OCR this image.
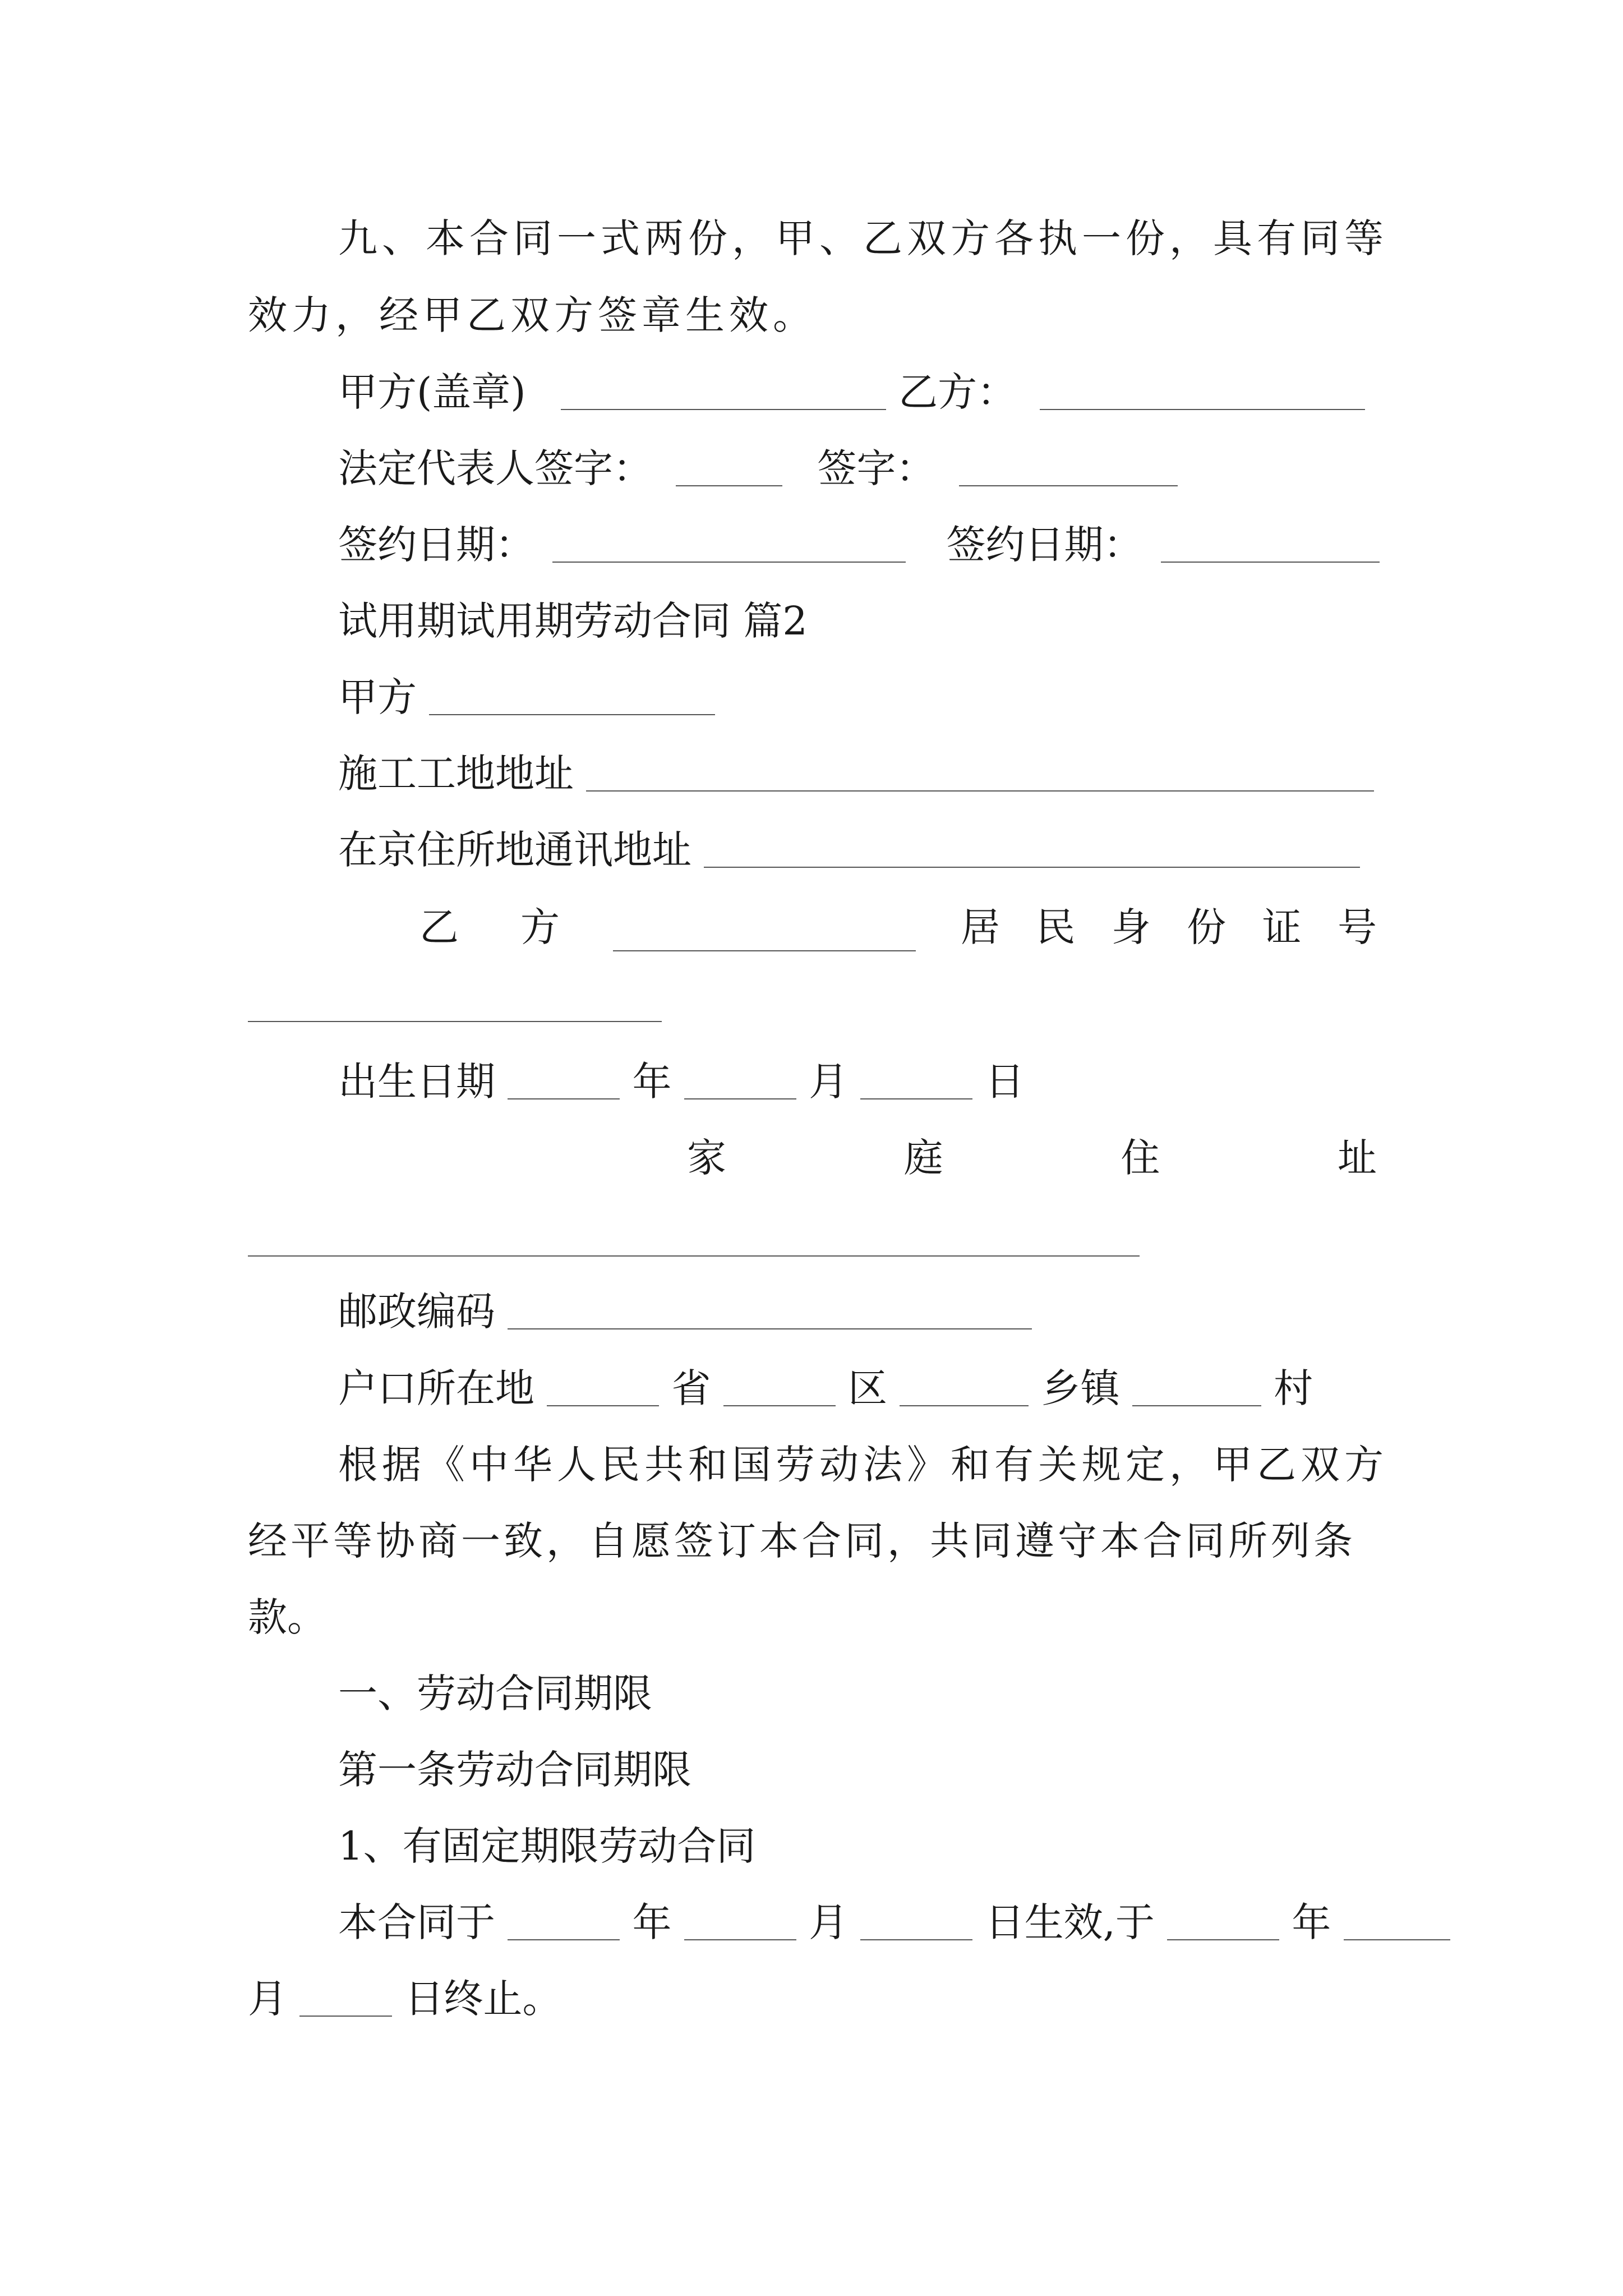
九、本合同一式两份，甲、乙双方各执一份，具有同等
效力，经甲乙双方签章生效。
甲方(盖章)	乙方：
法定代表人签字：	签字：
签约日期：	签约日期：
试用期试用期劳动合同 篇2
甲方
施工工地地址
在京住所地通讯地址
乙 方	居 民 身 份 证 号
出生日期	年	月	日
家	庭	住	址
邮政编码
户口所在地	省	区	乡镇	村
根据《中华人民共和国劳动法》和有关规定，甲乙双方
经平等协商一致，自愿签订本合同，共同遵守本合同所列条
款。
一、劳动合同期限
第一条劳动合同期限
1、有固定期限劳动合同
本合同于	年	月	日生效,于	年
月	日终止。
